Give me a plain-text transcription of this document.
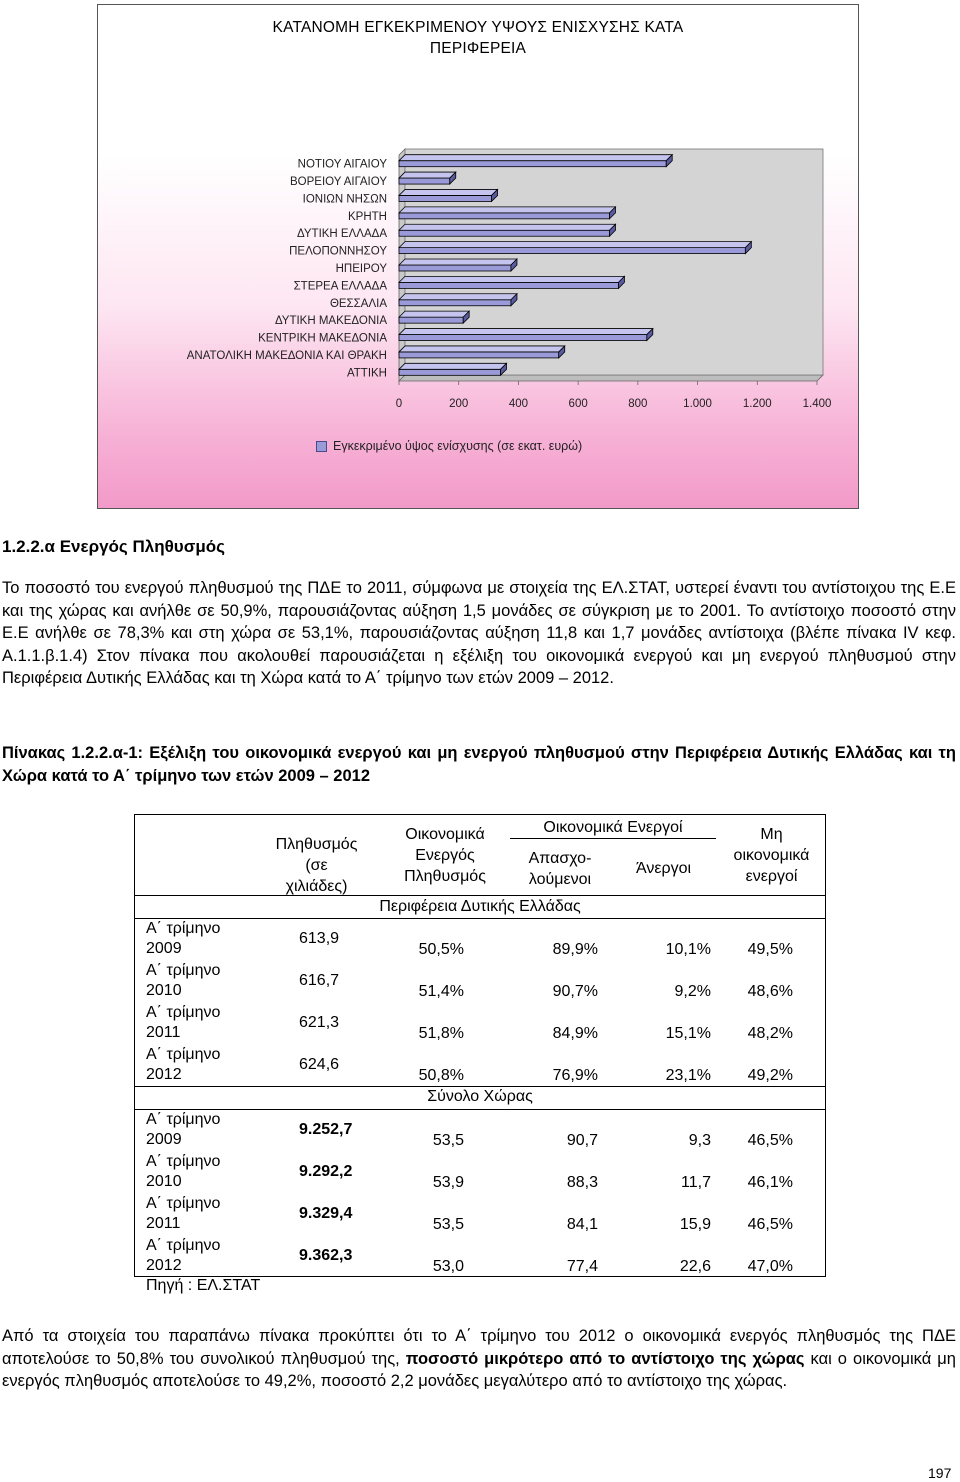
ΚΑΤΑΝΟΜΗ ΕΓΚΕΚΡΙΜΕΝΟΥ ΥΨΟΥΣ ΕΝΙΣΧΥΣΗΣ ΚΑΤΑ
ΠΕΡΙΦΕΡΕΙΑ
ΝΟΤΙΟΥ ΑΙΓΑΙΟΥ
ΒΟΡΕΙΟΥ ΑΙΓΑΙΟΥ
ΙΟΝΙΩΝ ΝΗΣΩΝ
ΚΡΗΤΗ
ΔΥΤΙΚΗ ΕΛΛΑΔΑ
ΠΕΛΟΠΟΝΝΗΣΟΥ
ΗΠΕΙΡΟΥ
ΣΤΕΡΕΑ ΕΛΛΑΔΑ
ΘΕΣΣΑΛΙΑ
ΔΥΤΙΚΗ ΜΑΚΕΔΟΝΙΑ
ΚΕΝΤΡΙΚΗ ΜΑΚΕΔΟΝΙΑ
ΑΝΑΤΟΛΙΚΗ ΜΑΚΕΔΟΝΙΑ ΚΑΙ ΘΡΑΚΗ
ΑΤΤΙΚΗ
0	200	400	600	800	1.000	1.200	1.400
Εγκεκριμένο ύψος ενίσχυσης (σε εκατ. ευρώ)
1.2.2.α Ενεργός Πληθυσμός

Το ποσοστό του ενεργού πληθυσμού της ΠΔΕ το 2011, σύμφωνα με στοιχεία της ΕΛ.ΣΤΑΤ, υστερεί έναντι του αντίστοιχου της Ε.Ε και της χώρας και ανήλθε σε 50,9%, παρουσιάζοντας αύξηση 1,5 μονάδες σε σύγκριση με το 2001. Το αντίστοιχο ποσοστό στην Ε.Ε ανήλθε σε 78,3% και στη χώρα σε 53,1%, παρουσιάζοντας αύξηση 11,8 και 1,7 μονάδες αντίστοιχα (βλέπε πίνακα IV κεφ. Α.1.1.β.1.4) Στον πίνακα που ακολουθεί παρουσιάζεται η εξέλιξη του οικονομικά ενεργού και μη ενεργού πληθυσμού στην Περιφέρεια Δυτικής Ελλάδας και τη Χώρα κατά το Α΄ τρίμηνο των ετών 2009 – 2012.

Πίνακας 1.2.2.α-1: Εξέλιξη του οικονομικά ενεργού και μη ενεργού πληθυσμού στην Περιφέρεια Δυτικής Ελλάδας και τη Χώρα κατά το Α΄ τρίμηνο των ετών 2009 – 2012

Πληθυσμός
(σε
χιλιάδες)
Οικονομικά
Ενεργός
Πληθυσμός
Οικονομικά Ενεργοί
Απασχο-
λούμενοι
Άνεργοι
Μη
οικονομικά
ενεργοί
Περιφέρεια Δυτικής Ελλάδας
Α΄ τρίμηνο
2009
613,9
50,5%	89,9%	10,1%	49,5%
Α΄ τρίμηνο
2010
616,7
51,4%	90,7%	9,2%	48,6%
Α΄ τρίμηνο
2011
621,3
51,8%	84,9%	15,1%	48,2%
Α΄ τρίμηνο
2012
624,6
50,8%	76,9%	23,1%	49,2%
Σύνολο Χώρας
Α΄ τρίμηνο
2009
9.252,7
53,5	90,7	9,3	46,5%
Α΄ τρίμηνο
2010
9.292,2
53,9	88,3	11,7	46,1%
Α΄ τρίμηνο
2011
9.329,4
53,5	84,1	15,9	46,5%
Α΄ τρίμηνο
2012
9.362,3
53,0	77,4	22,6	47,0%
Πηγή : ΕΛ.ΣΤΑΤ

Από τα στοιχεία του παραπάνω πίνακα προκύπτει ότι το Α΄ τρίμηνο του 2012 ο οικονομικά ενεργός πληθυσμός της ΠΔΕ αποτελούσε το 50,8% του συνολικού πληθυσμού της, ποσοστό μικρότερο από το αντίστοιχο της χώρας και ο οικονομικά μη ενεργός πληθυσμός αποτελούσε το 49,2%, ποσοστό 2,2 μονάδες μεγαλύτερο από το αντίστοιχο της χώρας.

197
